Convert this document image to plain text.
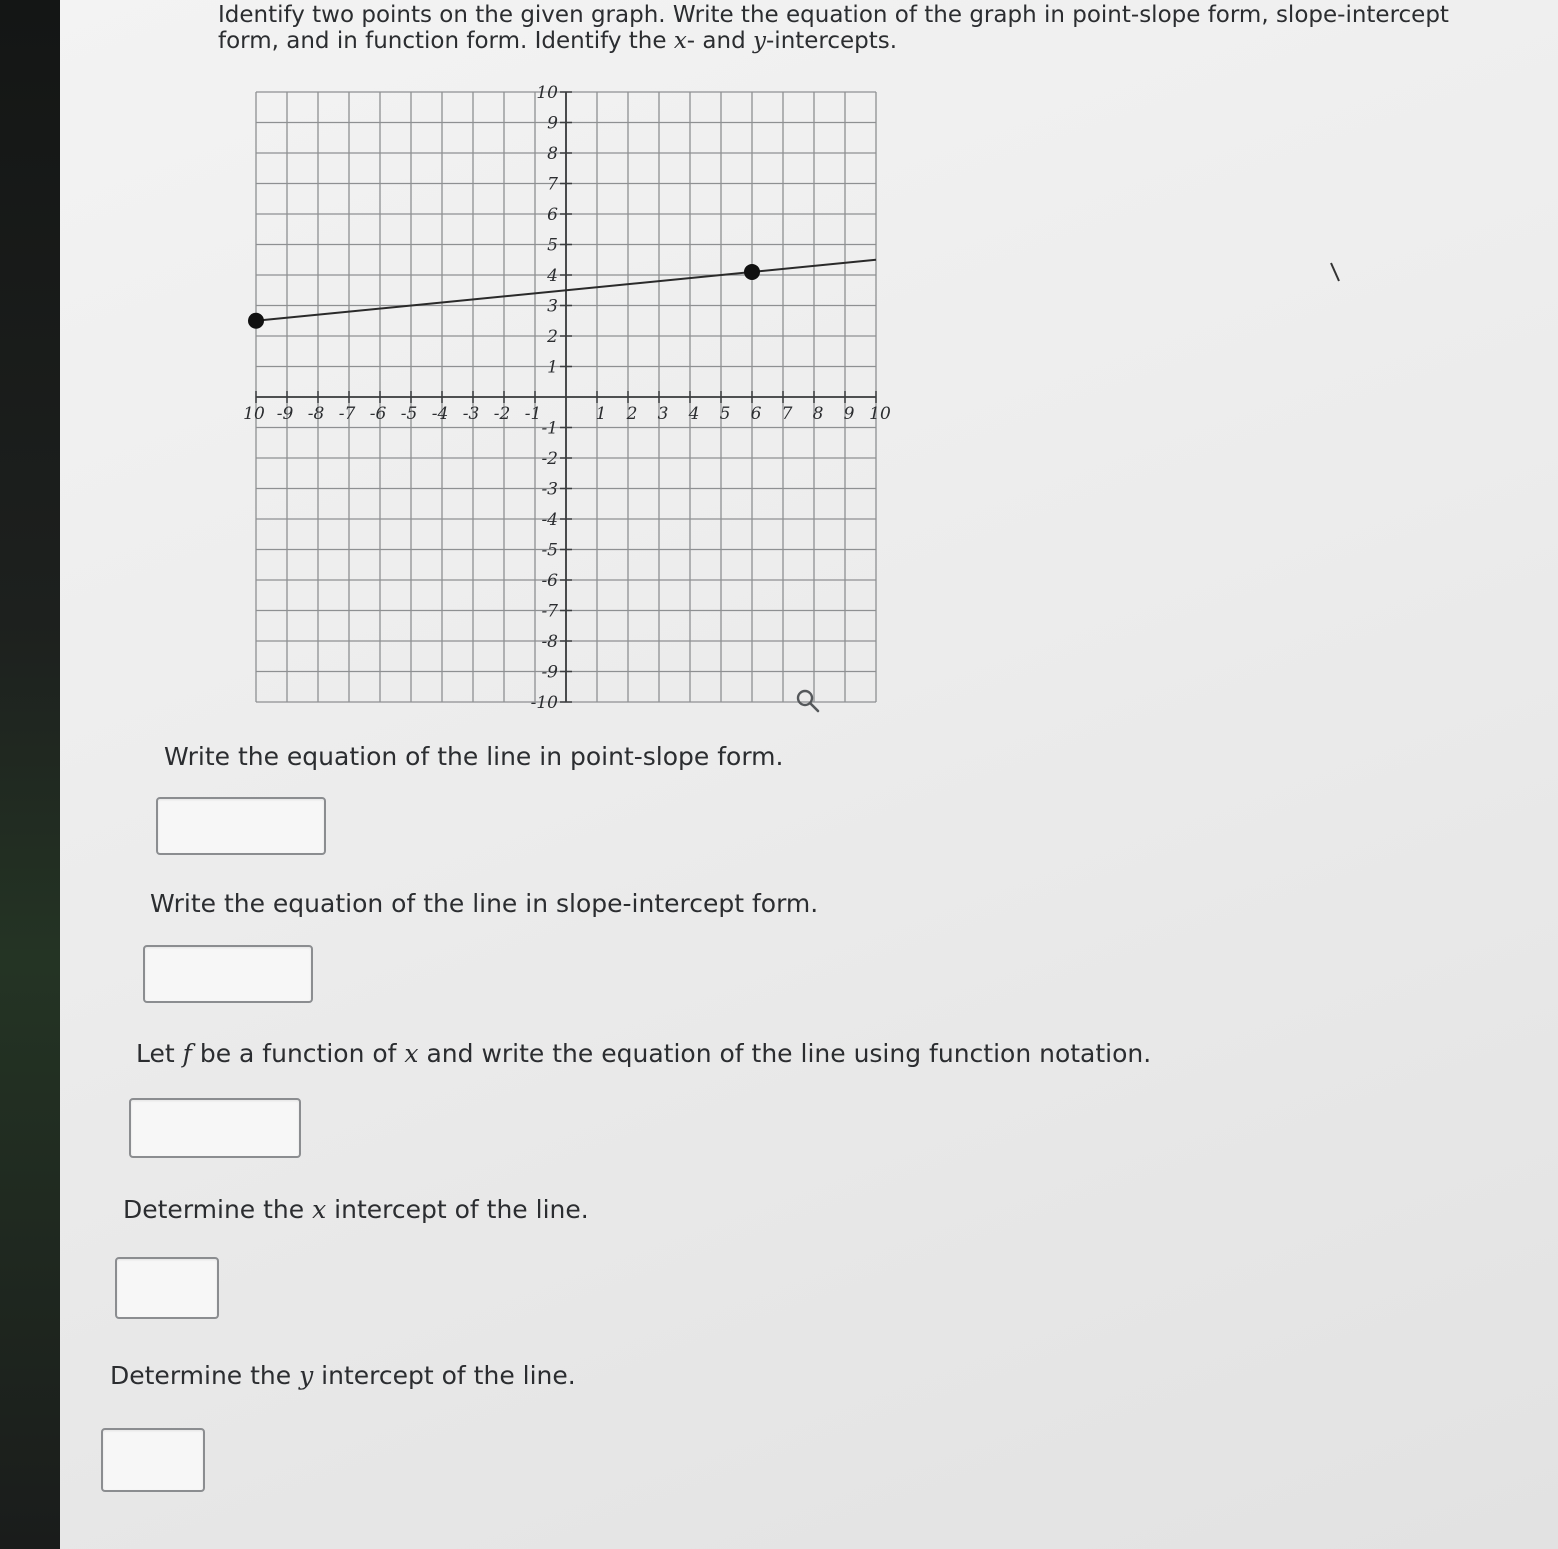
Identify two points on the given graph. Write the equation of the graph in point-slope form, slope-intercept
form, and in function form. Identify the x- and y-intercepts.
10 -9 -8 -7 -6 -5 -4 -3 -2 -1	1 2 3 4 5 6 7 8 9 10
10
9
8
7
6
5
4
3
2
1
-1
-2
-3
-4
-5
-6
-7
-8
-9
-10
Write the equation of the line in point-slope form.
Write the equation of the line in slope-intercept form.
Let f be a function of x and write the equation of the line using function notation.
Determine the x intercept of the line.
Determine the y intercept of the line.
